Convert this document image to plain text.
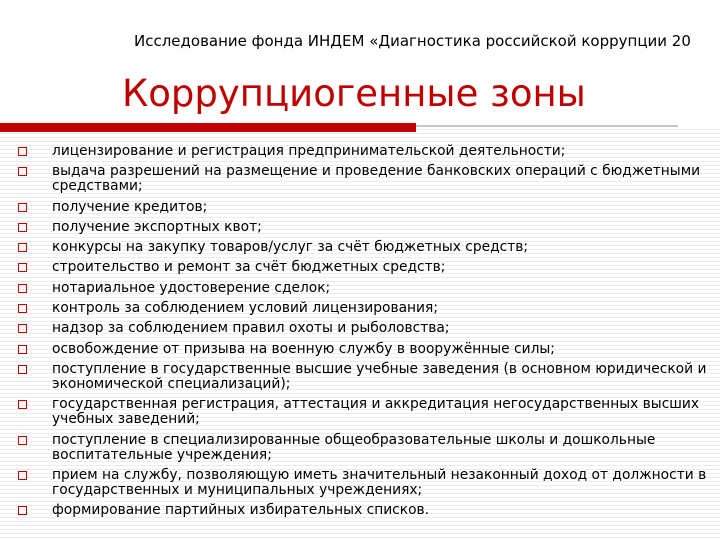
Исследование фонда ИНДЕМ «Диагностика российской коррупции 20
Коррупциогенные зоны
лицензирование и регистрация предпринимательской деятельности;
выдача разрешений на размещение и проведение банковских операций с бюджетными средствами;
получение кредитов;
получение экспортных квот;
конкурсы на закупку товаров/услуг за счёт бюджетных средств;
строительство и ремонт за счёт бюджетных средств;
нотариальное удостоверение сделок;
контроль за соблюдением условий лицензирования;
надзор за соблюдением правил охоты и рыболовства;
освобождение от призыва на военную службу в вооружённые силы;
поступление в государственные высшие учебные заведения (в основном юридической и экономической специализаций);
государственная регистрация, аттестация и аккредитация негосударственных высших учебных заведений;
поступление в специализированные общеобразовательные школы и дошкольные воспитательные учреждения;
прием на службу, позволяющую иметь значительный незаконный доход от должности в государственных и муниципальных учреждениях;
формирование партийных избирательных списков.
